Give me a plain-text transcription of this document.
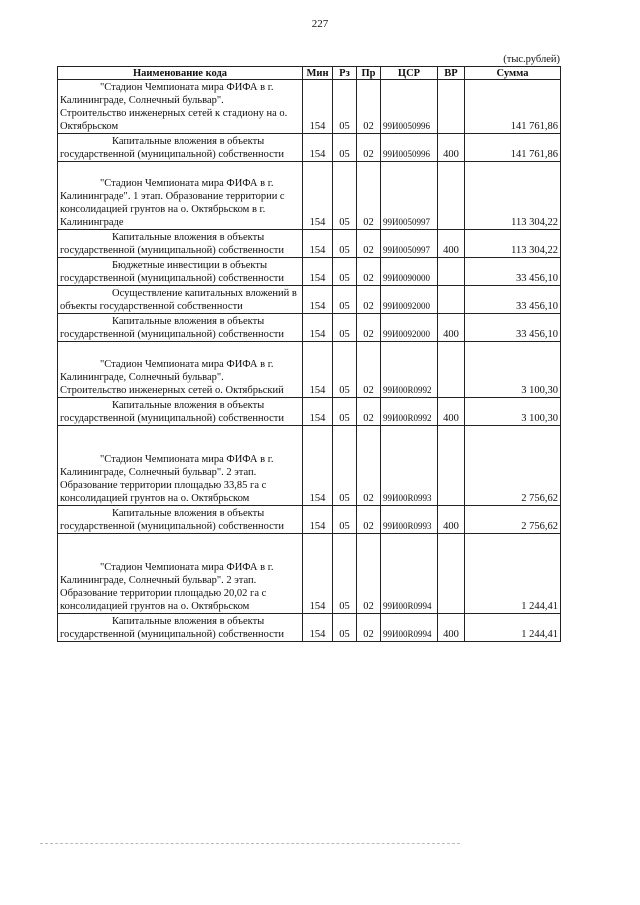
227
(тыс.рублей)
Наименование кода	Мин	Рз	Пр	ЦСР	ВР	Сумма

"Стадион Чемпионата мира ФИФА в г.
Калининграде, Солнечный бульвар".
Строительство инженерных сетей к стадиону на о.
Октябрьском	154	05	02	99И0050996		141 761,86

Капитальные вложения в объекты
государственной (муниципальной) собственности	154	05	02	99И0050996	400	141 761,86

"Стадион Чемпионата мира ФИФА в г.
Калининграде". 1 этап. Образование территории с
консолидацией грунтов на о. Октябрьском в г.
Калининграде	154	05	02	99И0050997		113 304,22

Капитальные вложения в объекты
государственной (муниципальной) собственности	154	05	02	99И0050997	400	113 304,22

Бюджетные инвестиции в объекты
государственной (муниципальной) собственности	154	05	02	99И0090000		33 456,10

Осуществление капитальных вложений в
объекты государственной собственности	154	05	02	99И0092000		33 456,10

Капитальные вложения в объекты
государственной (муниципальной) собственности	154	05	02	99И0092000	400	33 456,10

"Стадион Чемпионата мира ФИФА в г.
Калининграде, Солнечный бульвар".
Строительство инженерных сетей о. Октябрьский	154	05	02	99И00R0992		3 100,30

Капитальные вложения в объекты
государственной (муниципальной) собственности	154	05	02	99И00R0992	400	3 100,30

"Стадион Чемпионата мира ФИФА в г.
Калининграде, Солнечный бульвар". 2 этап.
Образование территории площадью 33,85 га с
консолидацией грунтов на о. Октябрьском	154	05	02	99И00R0993		2 756,62

Капитальные вложения в объекты
государственной (муниципальной) собственности	154	05	02	99И00R0993	400	2 756,62

"Стадион Чемпионата мира ФИФА в г.
Калининграде, Солнечный бульвар". 2 этап.
Образование территории площадью 20,02 га с
консолидацией грунтов на о. Октябрьском	154	05	02	99И00R0994		1 244,41

Капитальные вложения в объекты
государственной (муниципальной) собственности	154	05	02	99И00R0994	400	1 244,41
